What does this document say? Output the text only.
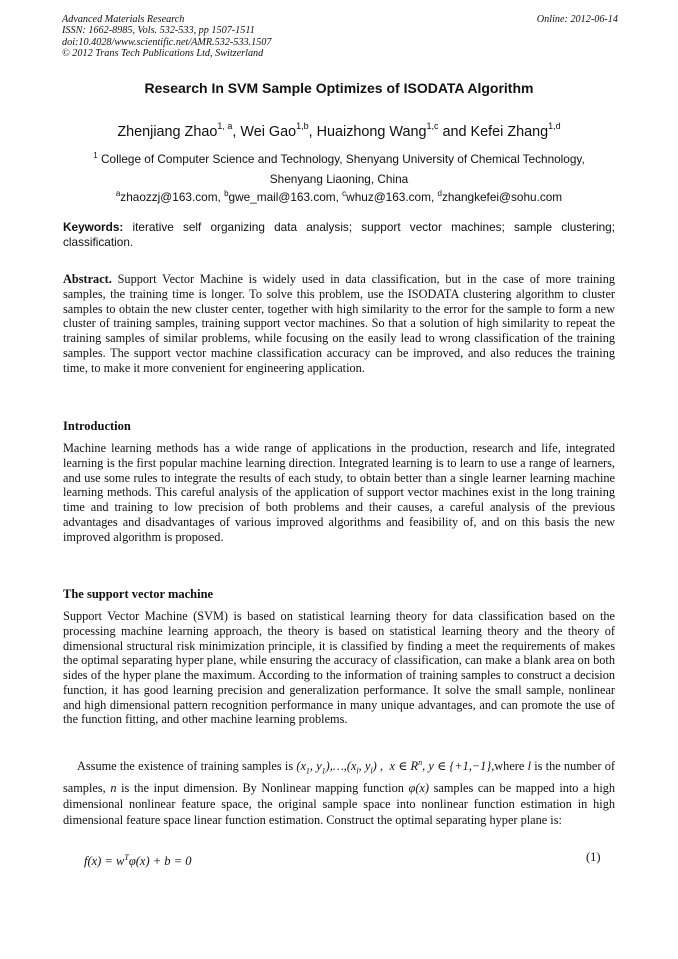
Advanced Materials Research
ISSN: 1662-8985, Vols. 532-533, pp 1507-1511
doi:10.4028/www.scientific.net/AMR.532-533.1507
© 2012 Trans Tech Publications Ltd, Switzerland
Online: 2012-06-14
Research In SVM Sample Optimizes of ISODATA Algorithm
Zhenjiang Zhao$^{1, a}$, Wei Gao$^{1,b}$, Huaizhong Wang$^{1,c}$ and Kefei Zhang$^{1,d}$
$^1$ College of Computer Science and Technology, Shenyang University of Chemical Technology,
Shenyang Liaoning, China
$^a$zhaozzj@163.com, $^b$gwe_mail@163.com, $^c$whuz@163.com, $^d$zhangkefei@sohu.com
Keywords: iterative self organizing data analysis; support vector machines; sample clustering; classification.
Abstract. Support Vector Machine is widely used in data classification, but in the case of more training samples, the training time is longer. To solve this problem, use the ISODATA clustering algorithm to cluster samples to obtain the new cluster center, together with high similarity to the error for the sample to form a new cluster of training samples, training support vector machines. So that a solution of high similarity to repeat the training samples of similar problems, while focusing on the easily lead to wrong classification of the training samples. The support vector machine classification accuracy can be improved, and also reduces the training time, to make it more convenient for engineering application.
Introduction
Machine learning methods has a wide range of applications in the production, research and life, integrated learning is the first popular machine learning direction. Integrated learning is to learn to use a range of learners, and use some rules to integrate the results of each study, to obtain better than a single learner learning machine learning methods. This careful analysis of the application of support vector machines exist in the long training time and training to low precision of both problems and their causes, a careful analysis of the previous advantages and disadvantages of various improved algorithms and feasibility of, and on this basis the new improved algorithm is proposed.
The support vector machine
Support Vector Machine (SVM) is based on statistical learning theory for data classification based on the processing machine learning approach, the theory is based on statistical learning theory and the theory of dimensional structural risk minimization principle, it is classified by finding a meet the requirements of makes the optimal separating hyper plane, while ensuring the accuracy of classification, can make a blank area on both sides of the hyper plane the maximum. According to the information of training samples to construct a decision function, it has good learning precision and generalization performance. It solve the small sample, nonlinear and high dimensional pattern recognition performance in many unique advantages, and can promote the use of the function fitting, and other machine learning problems.
Assume the existence of training samples is ($x_1$, $y_1),\dots,(x_l$, $y_l$) ,  x ∈ $R^n$, y ∈ {+1,−1},where l is the number of samples, n is the input dimension. By Nonlinear mapping function φ(x) samples can be mapped into a high dimensional nonlinear feature space, the original sample space into nonlinear function estimation in high dimensional feature space linear function estimation. Construct the optimal separating hyper plane is:
$f(x) = w^T\varphi(x) + b = 0$	(1)
